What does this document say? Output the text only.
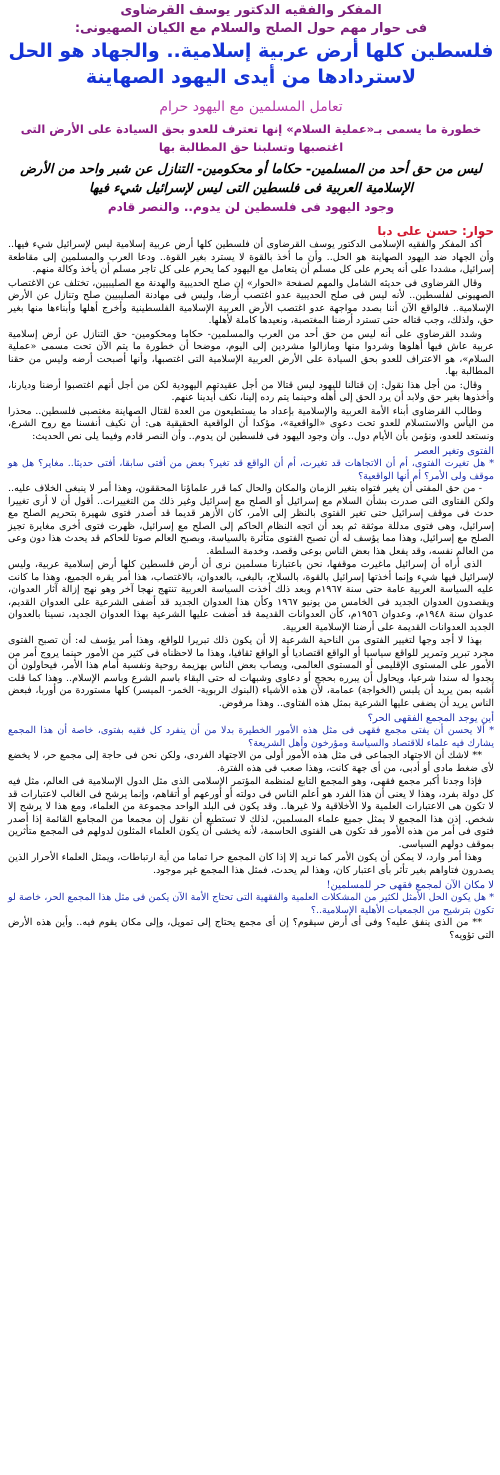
المفكر والفقيه الدكتور يوسف القرضاوى
فى حوار مهم حول الصلح والسلام مع الكيان الصهيونى:
فلسطين كلها أرض عربية إسلامية.. والجهاد هو الحل
لاستردادها من أيدى اليهود الصهاينة
تعامل المسلمين مع اليهود حرام
خطورة ما يسمى بـ«عملية السلام» إنها تعترف للعدو بحق السيادة على الأرض التى اغتصبها وتسلبنا حق المطالبة بها
ليس من حق أحد من المسلمين- حكاما أو محكومين- التنازل عن شبر واحد من الأرض الإسلامية العربية فى فلسطين التى ليس لإسرائيل شيء فيها
وجود اليهود فى فلسطين لن يدوم.. والنصر قادم
حوار: حسن على دبا

أكد المفكر والفقيه الإسلامى الدكتور يوسف القرضاوى أن فلسطين كلها أرض عربية إسلامية ليس لإسرائيل شيء فيها.. وأن الجهاد ضد اليهود الصهاينة هو الحل.. وأن ما أخذ بالقوة لا يسترد بغير القوة.. ودعا العرب والمسلمين إلى مقاطعة إسرائيل، مشددا على أنه يحرم على كل مسلم أن يتعامل مع اليهود كما يحرم على كل تاجر مسلم أن يأخذ وكالة منهم.

وقال القرضاوى فى حديثه الشامل والمهم لصفحة «الحوار» إن صلح الحديبية والهدنة مع الصليبيين، تختلف عن الاغتصاب الصهيونى لفلسطين.. لأنه ليس فى صلح الحديبية عدو اغتصب أرضا، وليس فى مهادنة الصليبيين صلح وتنازل عن الأرض الإسلامية.. فالواقع الآن أننا بصدد مواجهة عدو اغتصب الأرض العربية الإسلامية الفلسطينية وأخرج أهلها وأبناءها منها بغير حق، ولذلك، وجب قتاله حتى تسترد أرضنا المغتصبة، ونعيدها كاملة لأهلها.

وشدد القرضاوى على أنه ليس من حق أحد من العرب والمسلمين- حكاما ومحكومين- حق التنازل عن أرض إسلامية عربية عاش فيها أهلوها وشردوا منها ومازالوا مشردين إلى اليوم، موضحا أن خطورة ما يتم الآن تحت مسمى «عملية السلام»، هو الاعتراف للعدو بحق السيادة على الأرض العربية الإسلامية التى اغتصبها، وأنها أصبحت أرضه وليس من حقنا المطالبة بها.

وقال: من أجل هذا نقول: إن قتالنا لليهود ليس قتالا من أجل عقيدتهم اليهودية لكن من أجل أنهم اغتصبوا أرضنا وديارنا، وأخذوها بغير حق ولابد أن يرد الحق إلى أهله وحينما يتم رده إلينا، نكف أيدينا عنهم.

وطالب القرضاوى أبناء الأمة العربية والإسلامية بإعداد ما يستطيعون من العدة لقتال الصهاينة مغتصبى فلسطين.. محذرا من اليأس والاستسلام للعدو تحت دعوى «الواقعية»، مؤكدا أن الواقعية الحقيقية هى: أن نكيف أنفسنا مع روح الشرع، ونستعد للعدو، ونؤمن بأن الأيام دول.. وأن وجود اليهود فى فلسطين لن يدوم.. وأن النصر قادم وفيما يلى نص الحديث:

الفتوى وتغير العصر
* هل تغيرت الفتوى، أم أن الاتجاهات قد تغيرت، أم أن الواقع قد تغير؟ بعض من أفتى سابقا، أفتى حديثا.. مغاير؟ هل هو موقف ولى الأمر؟ أم أنها الواقعية؟

- من حق المفتى أن يغير فتواه بتغير الزمان والمكان والحال كما قرر علماؤنا المحققون، وهذا أمر لا ينبغى الخلاف عليه.. ولكن الفتاوى التى صدرت بشأن السلام مع إسرائيل أو الصلح مع إسرائيل وغير ذلك من التغييرات.. أقول أن لا أرى تغييرا حدث فى موقف إسرائيل حتى تغير الفتوى بالنظر إلى الأمر، كان الأزهر قديما قد أصدر فتوى شهيرة بتحريم الصلح مع إسرائيل، وهى فتوى مدللة موثقة ثم بعد أن اتجه النظام الحاكم إلى الصلح مع إسرائيل، ظهرت فتوى أخرى مغايرة تجيز الصلح مع إسرائيل، وهذا مما يؤسف له أن تصبح الفتوى متأثرة بالسياسة، وبصبح العالم صوتا للحاكم قد يحدث هذا دون وعى من العالم نفسه، وقد يفعل هذا بعض الناس بوعى وقصد، وخدمة السلطة.

الذى أراه أن إسرائيل ماغيرت موقفها، نحن باعتبارنا مسلمين نرى أن أرض فلسطين كلها أرض إسلامية عربية، وليس لإسرائيل فيها شيء وإنما أخذتها إسرائيل بالقوة، بالسلاح، بالبغى، بالعدوان، بالاغتصاب، هذا أمر يقره الجميع، وهذا ما كانت عليه السياسة العربية عامة حتى سنة ١٩٦٧م وبعد ذلك أخذت السياسة العربية تنتهج نهجا آخر وهو نهج إزالة آثار العدوان، ويقصدون العدوان الجديد فى الخامس من يونيو ١٩٦٧ وكأن هذا العدوان الجديد قد أضفى الشرعية على العدوان القديم، عدوان سنة ١٩٤٨م، وعدوان ١٩٥٦م، كأن العدوانات القديمة قد أضفت عليها الشرعية بهذا العدوان الجديد، نسينا بالعدوان الجديد العدوانات القديمة على أرضنا الإسلامية العربية.

بهذا لا أجد وجها لتغيير الفتوى من الناحية الشرعية إلا أن يكون ذلك تبريرا للواقع، وهذا أمر يؤسف له: أن تصبح الفتوى مجرد تبرير وتمرير للواقع سياسيا أو الواقع اقتصاديا أو الواقع ثقافيا، وهذا ما لاحظناه فى كثير من الأمور حينما يروج أمر من الأمور على المستوى الإقليمى أو المستوى العالمى، ويصاب بعض الناس بهزيمة روحية ونفسية أمام هذا الأمر، فيحاولون أن يجدوا له سندا شرعيا، ويحاول أن يبرره بحجج أو دعاوى وشبهات له حتى البقاء باسم الشرع وباسم الإسلام.. وهذا كما قلت أشبه بمن يريد أن يلبس (الخواجة) عمامة، لأن هذه الأشياء (البنوك الربوية- الخمر- الميسر) كلها مستوردة من أوربا، فبعض الناس يريد أن يضفى عليها الشرعية بمثل هذه الفتاوى.. وهذا مرفوض.

أين يوجد المجمع الفقهى الحر؟
* ألا يحسن أن يفتى مجمع فقهى فى مثل هذه الأمور الخطيرة بدلا من أن ينفرد كل فقيه بفتوى، خاصة أن هذا المجمع يشارك فيه علماء للاقتصاد والسياسة ومؤرخون وأهل الشريعة؟

** لاشك أن الاجتهاد الجماعى فى مثل هذه الأمور أولى من الاجتهاد الفردى، ولكن نحن فى حاجة إلى مجمع حر، لا يخضع لأى ضغط مادى أو أدبى، من أى جهة كانت، وهذا صعب فى هذه الفترة.

فإذا وجدنا أكبر مجمع فقهى، وهو المجمع التابع لمنظمة المؤتمر الإسلامى الذى مثل الدول الإسلامية فى العالم، مثل فيه كل دولة بفرد، وهذا لا يعنى أن هذا الفرد هو أعلم الناس فى دولته أو أورعهم أو أتقاهم، وإنما يرشح فى الغالب لاعتبارات قد لا تكون هى الاعتبارات العلمية ولا الأخلاقية ولا غيرها.. وقد يكون فى البلد الواحد مجموعة من العلماء، ومع هذا لا يرشح إلا شخص. إذن هذا المجمع لا يمثل جميع علماء المسلمين، لذلك لا تستطيع أن نقول إن مجمعا من المجامع القائمة إذا أصدر فتوى فى أمر من هذه الأمور قد تكون هى الفتوى الحاسمة، لأنه يخشى أن يكون العلماء المثلون لدولهم فى المجمع متأثرين بموقف دولهم السياسى.

وهذا أمر وارد، لا يمكن أن يكون الأمر كما نريد إلا إذا كان المجمع حرا تماما من أية ارتباطات، ويمثل العلماء الأحرار الذين يصدرون فتاواهم بغير تأثر بأى اعتبار كان، وهذا لم يحدث، فمثل هذا المجمع غير موجود.

لا مكان الآن لمجمع فقهى حر للمسلمين!
* هل يكون الحل الأمثل لكثير من المشكلات العلمية والفقهية التى تحتاج الأمة الآن يكمن فى مثل هذا المجمع الحر، خاصة لو تكون بترشيح من الجمعيات الأهلية الإسلامية..؟

** من الذى ينفق عليه؟ وفى أى أرض سيقوم؟ إن أى مجمع يحتاج إلى تمويل، وإلى مكان يقوم فيه.. وأين هذه الأرض التى تؤويه؟
